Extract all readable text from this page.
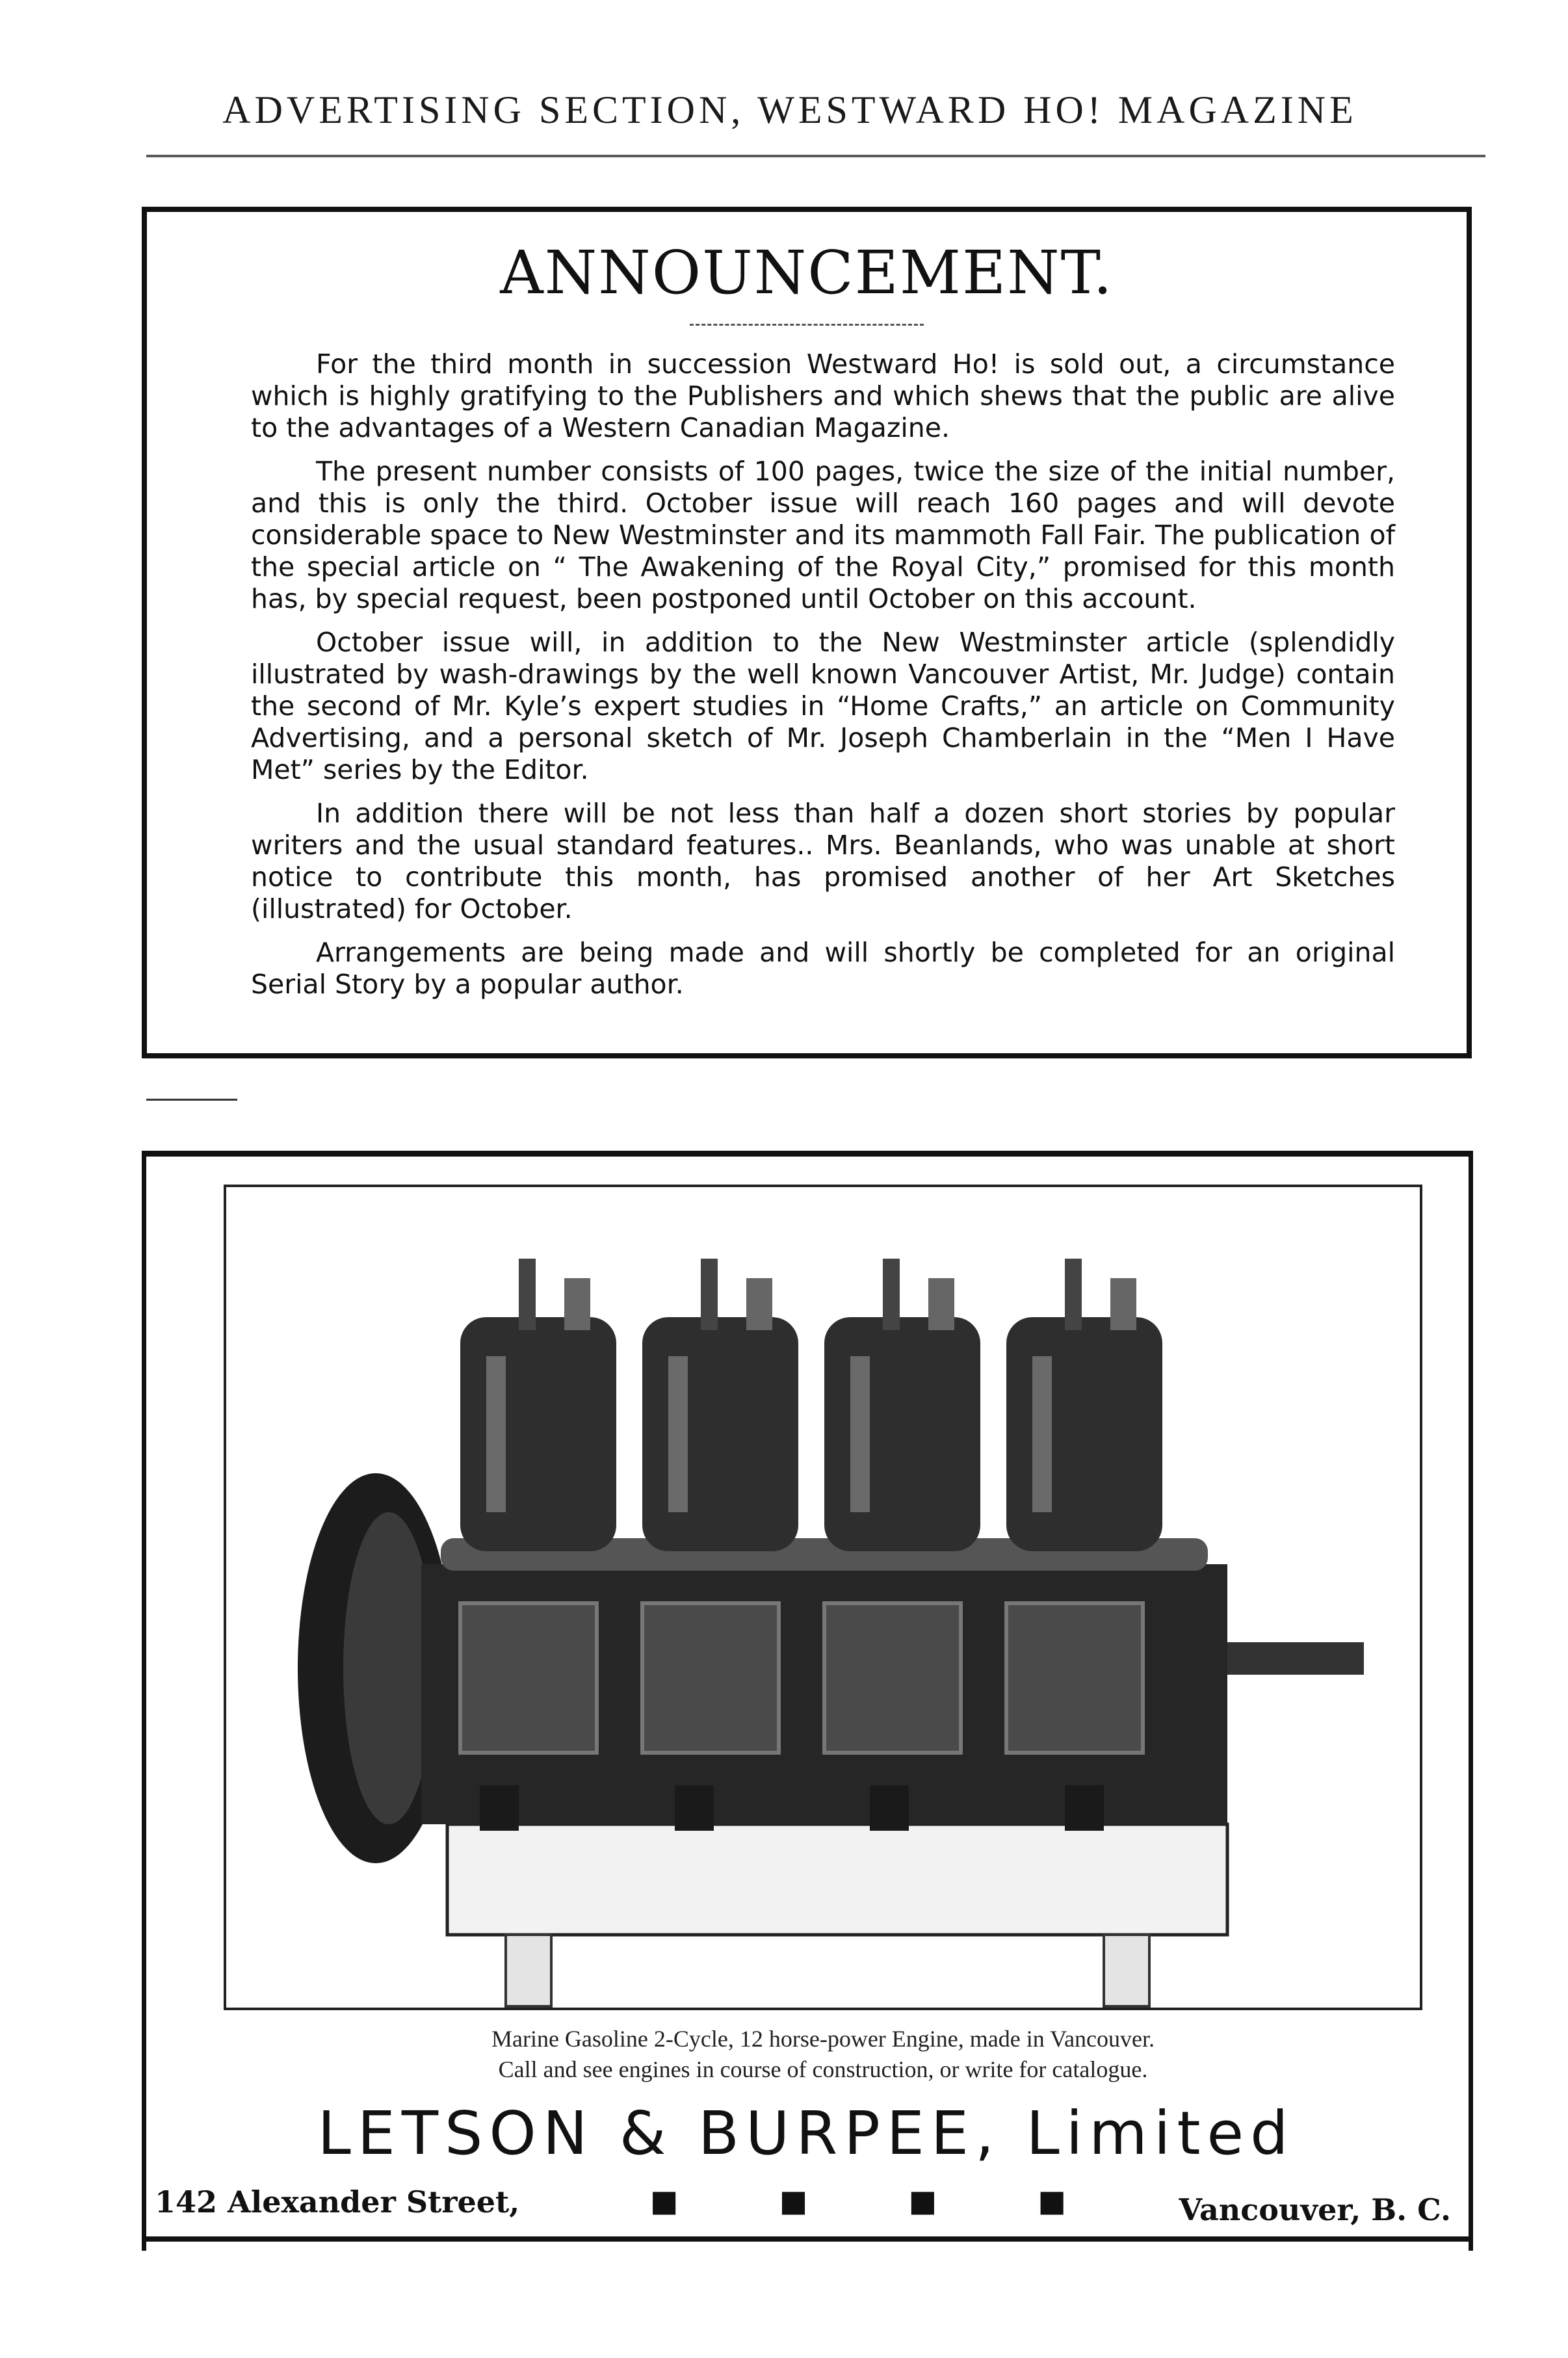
ADVERTISING SECTION, WESTWARD HO! MAGAZINE
ANNOUNCEMENT.

For the third month in succession Westward Ho! is sold out, a circumstance which is highly gratifying to the Publishers and which shews that the public are alive to the advantages of a Western Canadian Magazine.

The present number consists of 100 pages, twice the size of the initial number, and this is only the third. October issue will reach 160 pages and will devote considerable space to New Westminster and its mammoth Fall Fair. The publication of the special article on “ The Awakening of the Royal City,” promised for this month has, by special request, been postponed until October on this account.

October issue will, in addition to the New Westminster article (splendidly illustrated by wash-drawings by the well known Vancouver Artist, Mr. Judge) contain the second of Mr. Kyle’s expert studies in “Home Crafts,” an article on Community Advertising, and a personal sketch of Mr. Joseph Chamberlain in the “Men I Have Met” series by the Editor.

In addition there will be not less than half a dozen short stories by popular writers and the usual standard features.. Mrs. Beanlands, who was unable at short notice to contribute this month, has promised another of her Art Sketches (illustrated) for October.

Arrangements are being made and will shortly be completed for an original Serial Story by a popular author.

Marine Gasoline 2-Cycle, 12 horse-power Engine, made in Vancouver.
Call and see engines in course of construction, or write for catalogue.
LETSON & BURPEE, Limited
142 Alexander Street,	■	■	■	■	Vancouver, B. C.
